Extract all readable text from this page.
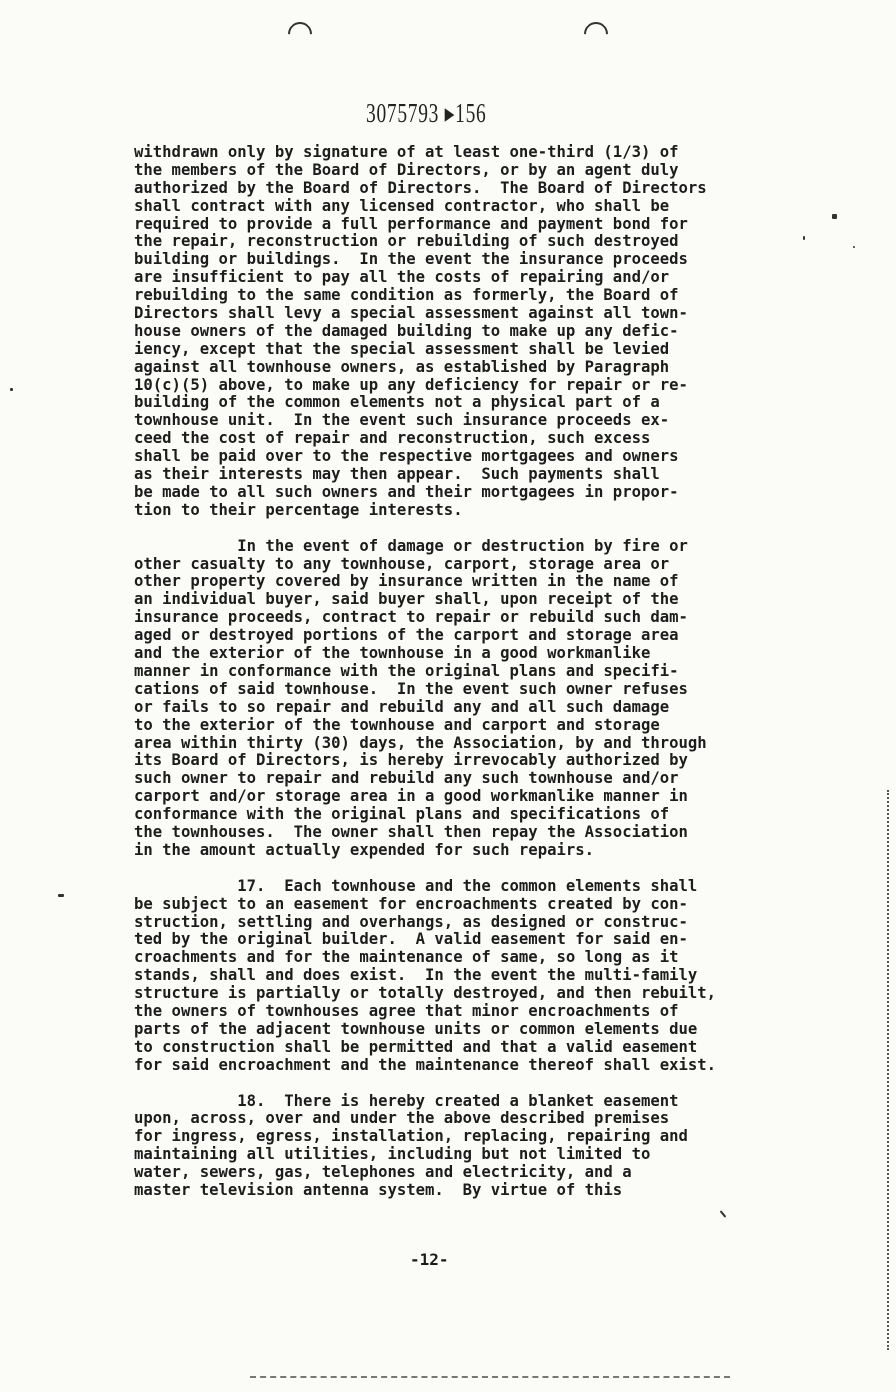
3075793 ▸156
withdrawn only by signature of at least one-third (1/3) of
the members of the Board of Directors, or by an agent duly
authorized by the Board of Directors.  The Board of Directors
shall contract with any licensed contractor, who shall be
required to provide a full performance and payment bond for
the repair, reconstruction or rebuilding of such destroyed
building or buildings.  In the event the insurance proceeds
are insufficient to pay all the costs of repairing and/or
rebuilding to the same condition as formerly, the Board of
Directors shall levy a special assessment against all town-
house owners of the damaged building to make up any defic-
iency, except that the special assessment shall be levied
against all townhouse owners, as established by Paragraph
10(c)(5) above, to make up any deficiency for repair or re-
building of the common elements not a physical part of a
townhouse unit.  In the event such insurance proceeds ex-
ceed the cost of repair and reconstruction, such excess
shall be paid over to the respective mortgagees and owners
as their interests may then appear.  Such payments shall
be made to all such owners and their mortgagees in propor-
tion to their percentage interests.
In the event of damage or destruction by fire or
other casualty to any townhouse, carport, storage area or
other property covered by insurance written in the name of
an individual buyer, said buyer shall, upon receipt of the
insurance proceeds, contract to repair or rebuild such dam-
aged or destroyed portions of the carport and storage area
and the exterior of the townhouse in a good workmanlike
manner in conformance with the original plans and specifi-
cations of said townhouse.  In the event such owner refuses
or fails to so repair and rebuild any and all such damage
to the exterior of the townhouse and carport and storage
area within thirty (30) days, the Association, by and through
its Board of Directors, is hereby irrevocably authorized by
such owner to repair and rebuild any such townhouse and/or
carport and/or storage area in a good workmanlike manner in
conformance with the original plans and specifications of
the townhouses.  The owner shall then repay the Association
in the amount actually expended for such repairs.
17.  Each townhouse and the common elements shall
be subject to an easement for encroachments created by con-
struction, settling and overhangs, as designed or construc-
ted by the original builder.  A valid easement for said en-
croachments and for the maintenance of same, so long as it
stands, shall and does exist.  In the event the multi-family
structure is partially or totally destroyed, and then rebuilt,
the owners of townhouses agree that minor encroachments of
parts of the adjacent townhouse units or common elements due
to construction shall be permitted and that a valid easement
for said encroachment and the maintenance thereof shall exist.
18.  There is hereby created a blanket easement
upon, across, over and under the above described premises
for ingress, egress, installation, replacing, repairing and
maintaining all utilities, including but not limited to
water, sewers, gas, telephones and electricity, and a
master television antenna system.  By virtue of this
-12-
